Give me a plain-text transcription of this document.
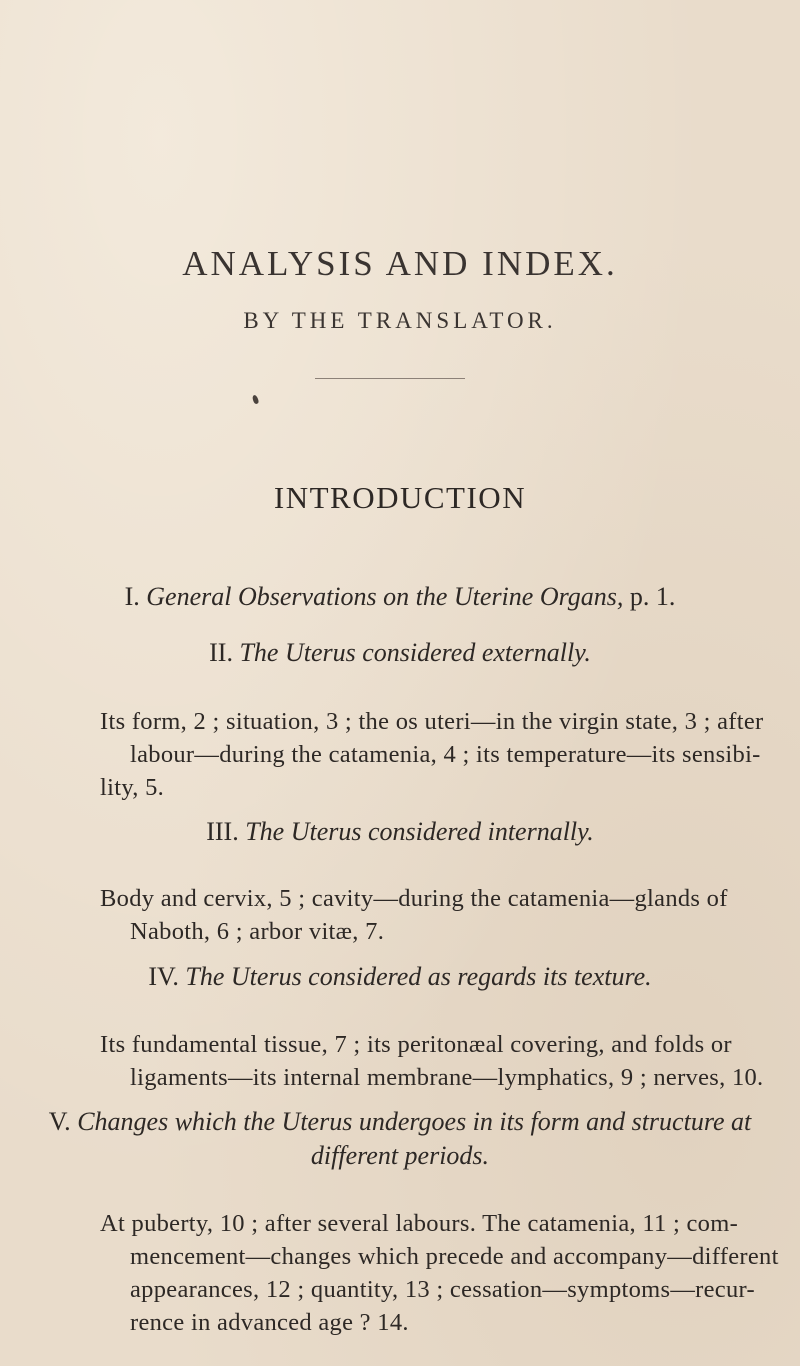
ANALYSIS AND INDEX.
BY THE TRANSLATOR.
INTRODUCTION
I. General Observations on the Uterine Organs, p. 1.
II. The Uterus considered externally.
Its form, 2 ; situation, 3 ; the os uteri—in the virgin state, 3 ; after
labour—during the catamenia, 4 ; its temperature—its sensibi-
lity, 5.
III. The Uterus considered internally.
Body and cervix, 5 ; cavity—during the catamenia—glands of
Naboth, 6 ; arbor vitæ, 7.
IV. The Uterus considered as regards its texture.
Its fundamental tissue, 7 ; its peritonæal covering, and folds or
ligaments—its internal membrane—lymphatics, 9 ; nerves, 10.
V. Changes which the Uterus undergoes in its form and structure at
different periods.
At puberty, 10 ; after several labours. The catamenia, 11 ; com-
mencement—changes which precede and accompany—different
appearances, 12 ; quantity, 13 ; cessation—symptoms—recur-
rence in advanced age ? 14.
